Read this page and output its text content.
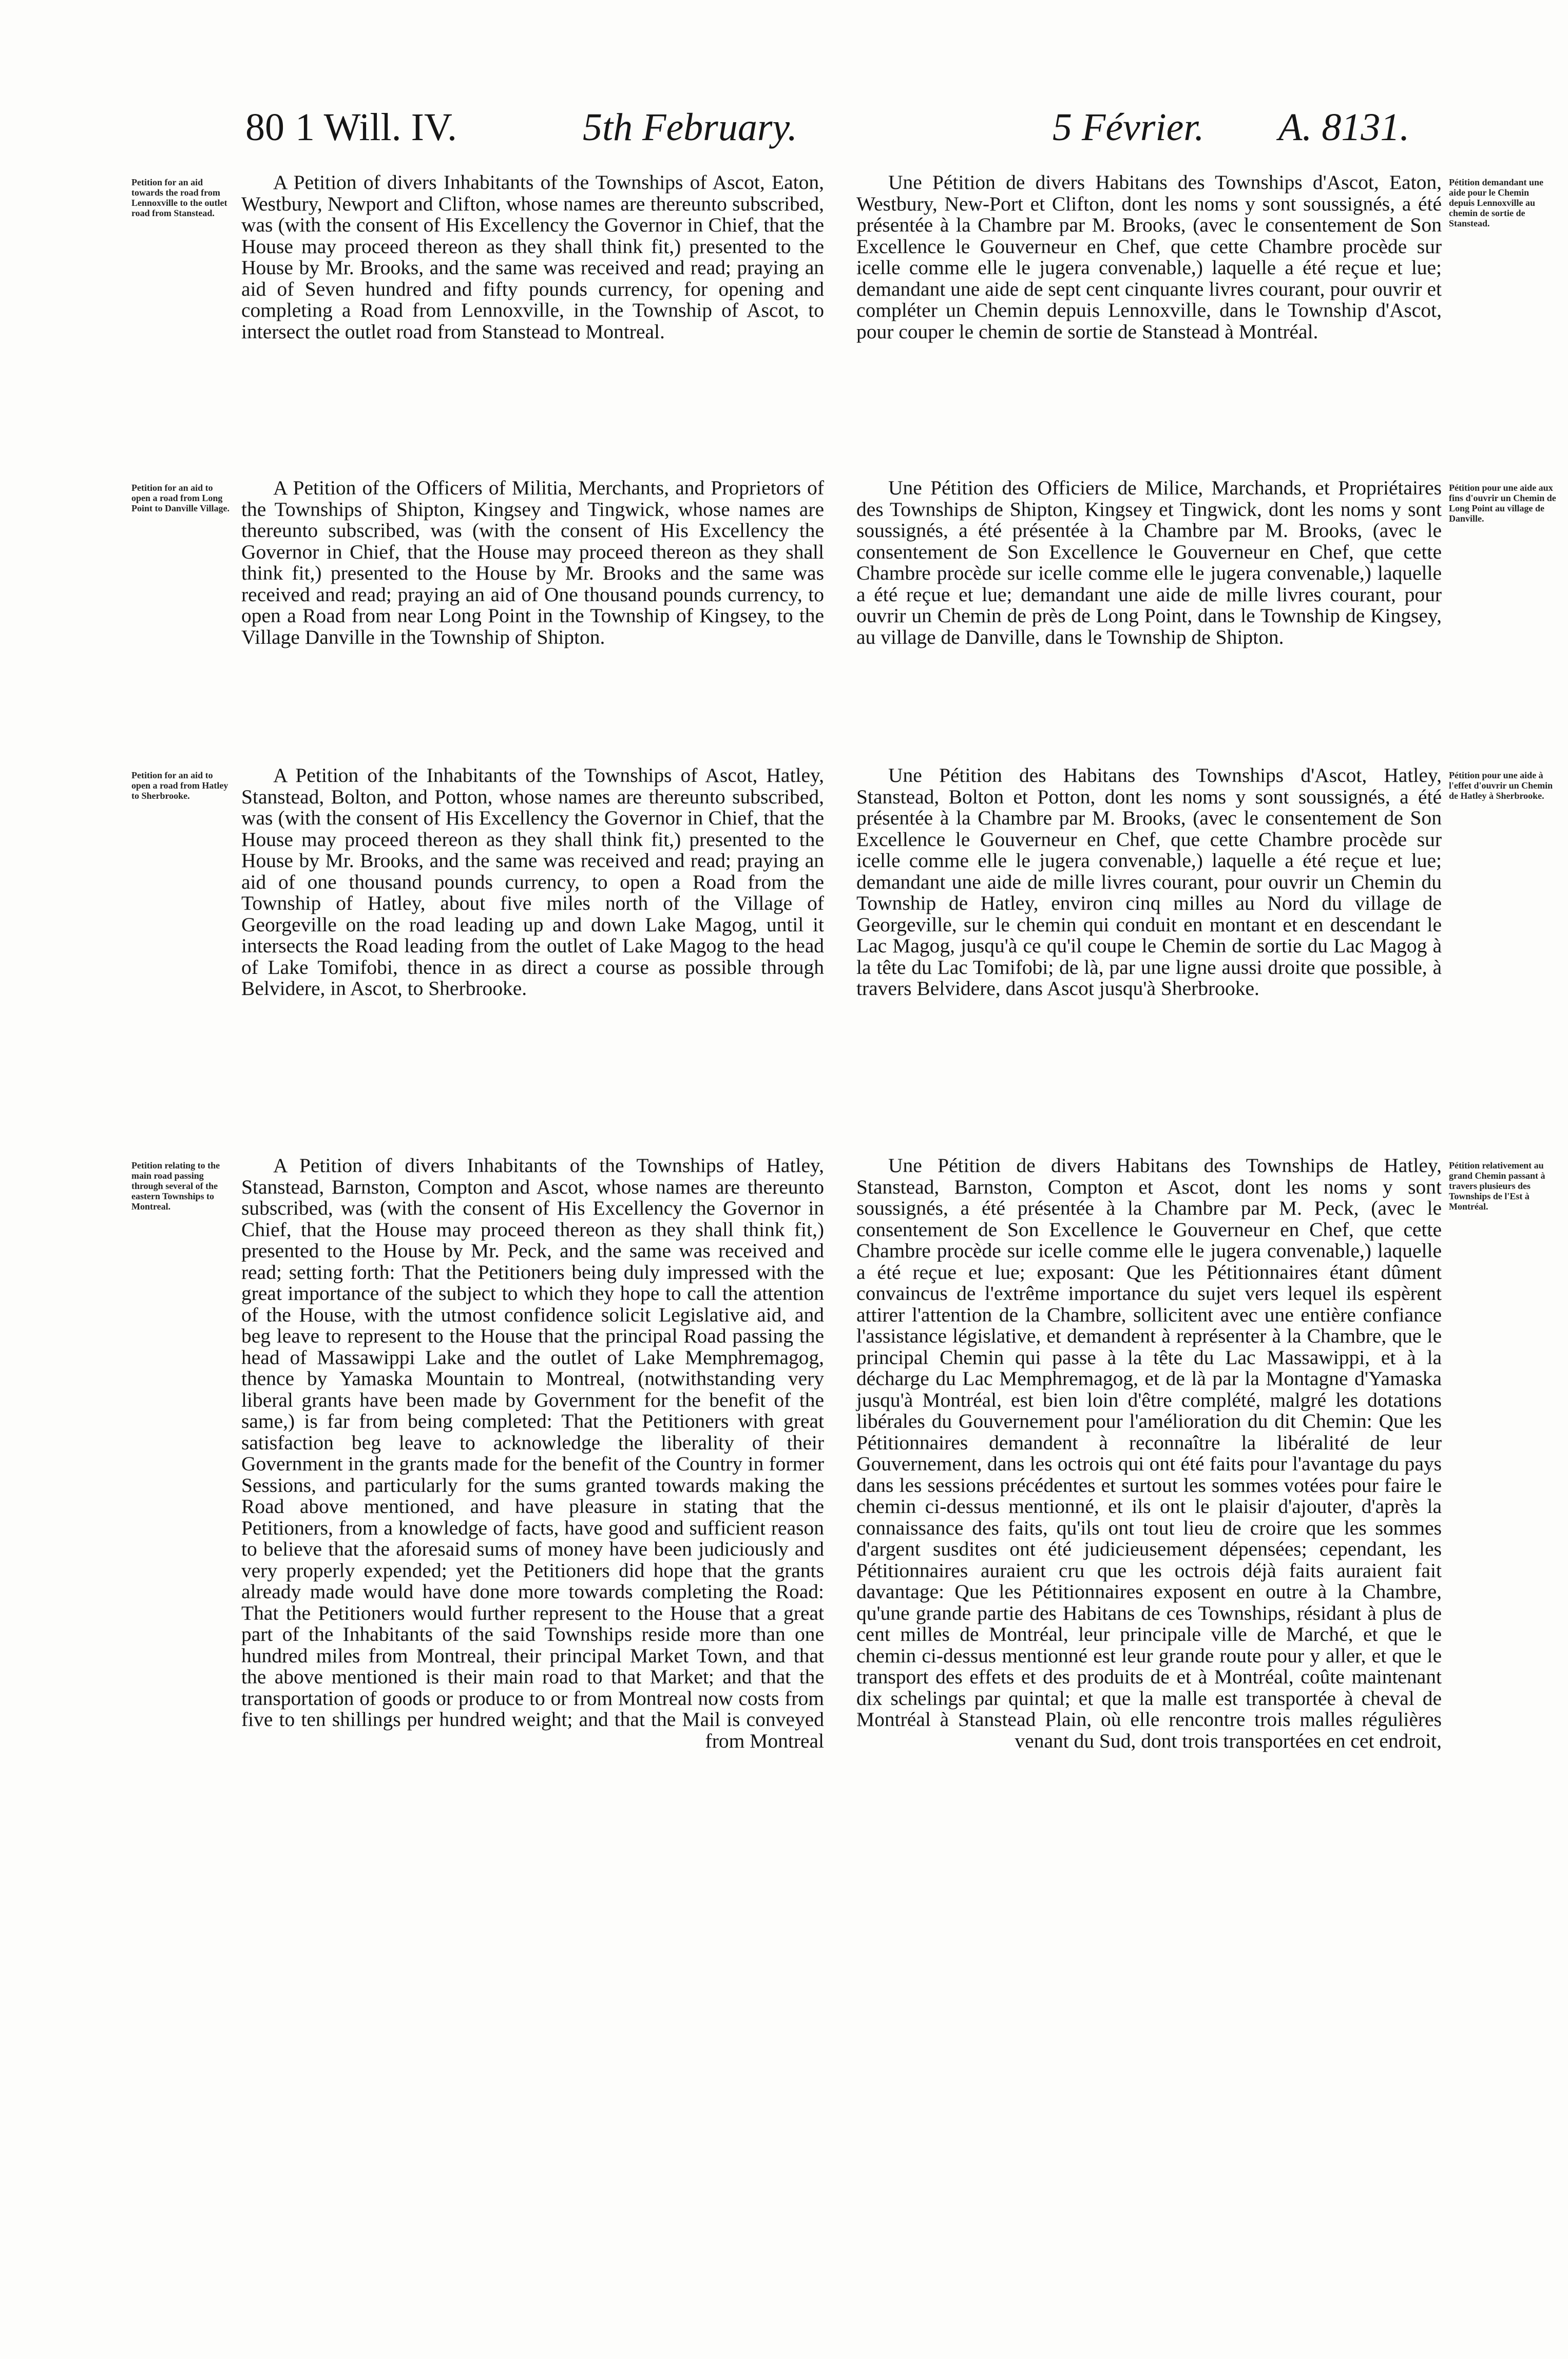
80 1 Will. IV.	5th February.	5 Février. A. 8131.
Petition for an aid towards the road from Lennoxville to the outlet road from Stanstead.
A Petition of divers Inhabitants of the Townships of Ascot, Eaton, Westbury, Newport and Clifton, whose names are thereunto subscribed, was (with the consent of His Excellency the Governor in Chief, that the House may proceed thereon as they shall think fit,) presented to the House by Mr. Brooks, and the same was received and read; praying an aid of Seven hundred and fifty pounds currency, for opening and completing a Road from Lennoxville, in the Township of Ascot, to intersect the outlet road from Stanstead to Montreal.
Une Pétition de divers Habitans des Townships d'Ascot, Eaton, Westbury, New-Port et Clifton, dont les noms y sont soussignés, a été présentée à la Chambre par M. Brooks, (avec le consentement de Son Excellence le Gouverneur en Chef, que cette Chambre procède sur icelle comme elle le jugera convenable,) laquelle a été reçue et lue; demandant une aide de sept cent cinquante livres courant, pour ouvrir et compléter un Chemin depuis Lennoxville, dans le Township d'Ascot, pour couper le chemin de sortie de Stanstead à Montréal.
Pétition demandant une aide pour le Chemin depuis Lennoxville au chemin de sortie de Stanstead.
Petition for an aid to open a road from Long Point to Danville Village.
A Petition of the Officers of Militia, Merchants, and Proprietors of the Townships of Shipton, Kingsey and Tingwick, whose names are thereunto subscribed, was (with the consent of His Excellency the Governor in Chief, that the House may proceed thereon as they shall think fit,) presented to the House by Mr. Brooks and the same was received and read; praying an aid of One thousand pounds currency, to open a Road from near Long Point in the Township of Kingsey, to the Village Danville in the Township of Shipton.
Une Pétition des Officiers de Milice, Marchands, et Propriétaires des Townships de Shipton, Kingsey et Tingwick, dont les noms y sont soussignés, a été présentée à la Chambre par M. Brooks, (avec le consentement de Son Excellence le Gouverneur en Chef, que cette Chambre procède sur icelle comme elle le jugera convenable,) laquelle a été reçue et lue; demandant une aide de mille livres courant, pour ouvrir un Chemin de près de Long Point, dans le Township de Kingsey, au village de Danville, dans le Township de Shipton.
Pétition pour une aide aux fins d'ouvrir un Chemin de Long Point au village de Danville.
Petition for an aid to open a road from Hatley to Sherbrooke.
A Petition of the Inhabitants of the Townships of Ascot, Hatley, Stanstead, Bolton, and Potton, whose names are thereunto subscribed, was (with the consent of His Excellency the Governor in Chief, that the House may proceed thereon as they shall think fit,) presented to the House by Mr. Brooks, and the same was received and read; praying an aid of one thousand pounds currency, to open a Road from the Township of Hatley, about five miles north of the Village of Georgeville on the road leading up and down Lake Magog, until it intersects the Road leading from the outlet of Lake Magog to the head of Lake Tomifobi, thence in as direct a course as possible through Belvidere, in Ascot, to Sherbrooke.
Une Pétition des Habitans des Townships d'Ascot, Hatley, Stanstead, Bolton et Potton, dont les noms y sont soussignés, a été présentée à la Chambre par M. Brooks, (avec le consentement de Son Excellence le Gouverneur en Chef, que cette Chambre procède sur icelle comme elle le jugera convenable,) laquelle a été reçue et lue; demandant une aide de mille livres courant, pour ouvrir un Chemin du Township de Hatley, environ cinq milles au Nord du village de Georgeville, sur le chemin qui conduit en montant et en descendant le Lac Magog, jusqu'à ce qu'il coupe le Chemin de sortie du Lac Magog à la tête du Lac Tomifobi; de là, par une ligne aussi droite que possible, à travers Belvidere, dans Ascot jusqu'à Sherbrooke.
Pétition pour une aide à l'effet d'ouvrir un Chemin de Hatley à Sherbrooke.
Petition relating to the main road passing through several of the eastern Townships to Montreal.
A Petition of divers Inhabitants of the Townships of Hatley, Stanstead, Barnston, Compton and Ascot, whose names are thereunto subscribed, was (with the consent of His Excellency the Governor in Chief, that the House may proceed thereon as they shall think fit,) presented to the House by Mr. Peck, and the same was received and read; setting forth: That the Petitioners being duly impressed with the great importance of the subject to which they hope to call the attention of the House, with the utmost confidence solicit Legislative aid, and beg leave to represent to the House that the principal Road passing the head of Massawippi Lake and the outlet of Lake Memphremagog, thence by Yamaska Mountain to Montreal, (notwithstanding very liberal grants have been made by Government for the benefit of the same,) is far from being completed: That the Petitioners with great satisfaction beg leave to acknowledge the liberality of their Government in the grants made for the benefit of the Country in former Sessions, and particularly for the sums granted towards making the Road above mentioned, and have pleasure in stating that the Petitioners, from a knowledge of facts, have good and sufficient reason to believe that the aforesaid sums of money have been judiciously and very properly expended; yet the Petitioners did hope that the grants already made would have done more towards completing the Road: That the Petitioners would further represent to the House that a great part of the Inhabitants of the said Townships reside more than one hundred miles from Montreal, their principal Market Town, and that the above mentioned is their main road to that Market; and that the transportation of goods or produce to or from Montreal now costs from five to ten shillings per hundred weight; and that the Mail is conveyed from Montreal
Une Pétition de divers Habitans des Townships de Hatley, Stanstead, Barnston, Compton et Ascot, dont les noms y sont soussignés, a été présentée à la Chambre par M. Peck, (avec le consentement de Son Excellence le Gouverneur en Chef, que cette Chambre procède sur icelle comme elle le jugera convenable,) laquelle a été reçue et lue; exposant: Que les Pétitionnaires étant dûment convaincus de l'extrême importance du sujet vers lequel ils espèrent attirer l'attention de la Chambre, sollicitent avec une entière confiance l'assistance législative, et demandent à représenter à la Chambre, que le principal Chemin qui passe à la tête du Lac Massawippi, et à la décharge du Lac Memphremagog, et de là par la Montagne d'Yamaska jusqu'à Montréal, est bien loin d'être complété, malgré les dotations libérales du Gouvernement pour l'amélioration du dit Chemin: Que les Pétitionnaires demandent à reconnaître la libéralité de leur Gouvernement, dans les octrois qui ont été faits pour l'avantage du pays dans les sessions précédentes et surtout les sommes votées pour faire le chemin ci-dessus mentionné, et ils ont le plaisir d'ajouter, d'après la connaissance des faits, qu'ils ont tout lieu de croire que les sommes d'argent susdites ont été judicieusement dépensées; cependant, les Pétitionnaires auraient cru que les octrois déjà faits auraient fait davantage: Que les Pétitionnaires exposent en outre à la Chambre, qu'une grande partie des Habitans de ces Townships, résidant à plus de cent milles de Montréal, leur principale ville de Marché, et que le chemin ci-dessus mentionné est leur grande route pour y aller, et que le transport des effets et des produits de et à Montréal, coûte maintenant dix schelings par quintal; et que la malle est transportée à cheval de Montréal à Stanstead Plain, où elle rencontre trois malles régulières venant du Sud, dont trois transportées en cet endroit,
Pétition relativement au grand Chemin passant à travers plusieurs des Townships de l'Est à Montréal.
